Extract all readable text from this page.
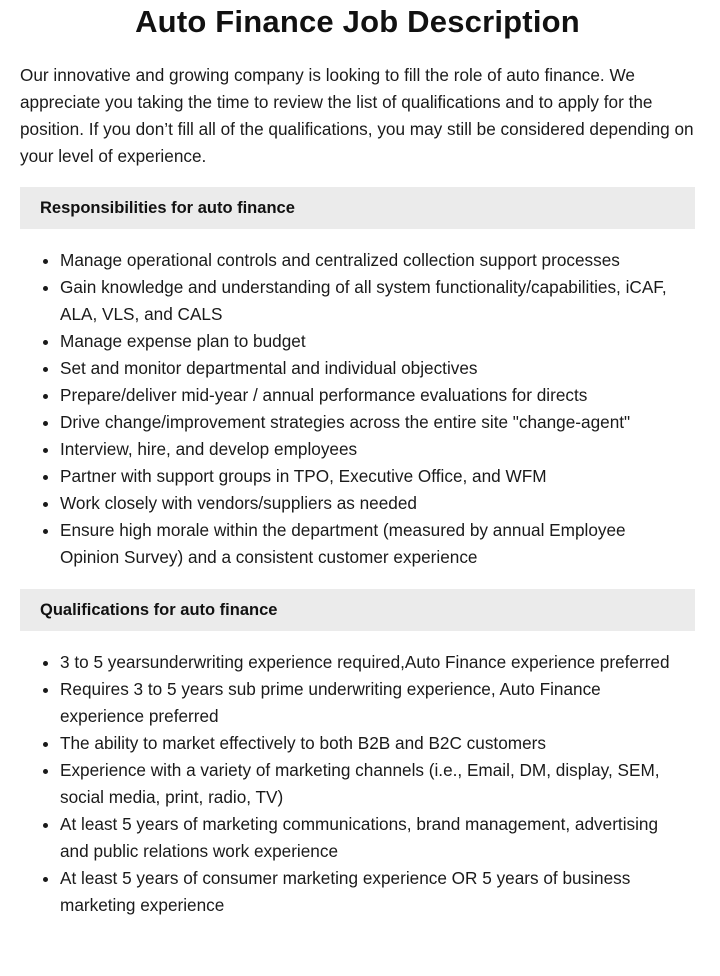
Auto Finance Job Description

Our innovative and growing company is looking to fill the role of auto finance. We appreciate you taking the time to review the list of qualifications and to apply for the position. If you don’t fill all of the qualifications, you may still be considered depending on your level of experience.

Responsibilities for auto finance
Manage operational controls and centralized collection support processes
Gain knowledge and understanding of all system functionality/capabilities, iCAF, ALA, VLS, and CALS
Manage expense plan to budget
Set and monitor departmental and individual objectives
Prepare/deliver mid-year / annual performance evaluations for directs
Drive change/improvement strategies across the entire site "change-agent"
Interview, hire, and develop employees
Partner with support groups in TPO, Executive Office, and WFM
Work closely with vendors/suppliers as needed
Ensure high morale within the department (measured by annual Employee Opinion Survey) and a consistent customer experience
Qualifications for auto finance
3 to 5 yearsunderwriting experience required,Auto Finance experience preferred
Requires 3 to 5 years sub prime underwriting experience, Auto Finance experience preferred
The ability to market effectively to both B2B and B2C customers
Experience with a variety of marketing channels (i.e., Email, DM, display, SEM, social media, print, radio, TV)
At least 5 years of marketing communications, brand management, advertising and public relations work experience
At least 5 years of consumer marketing experience OR 5 years of business marketing experience
